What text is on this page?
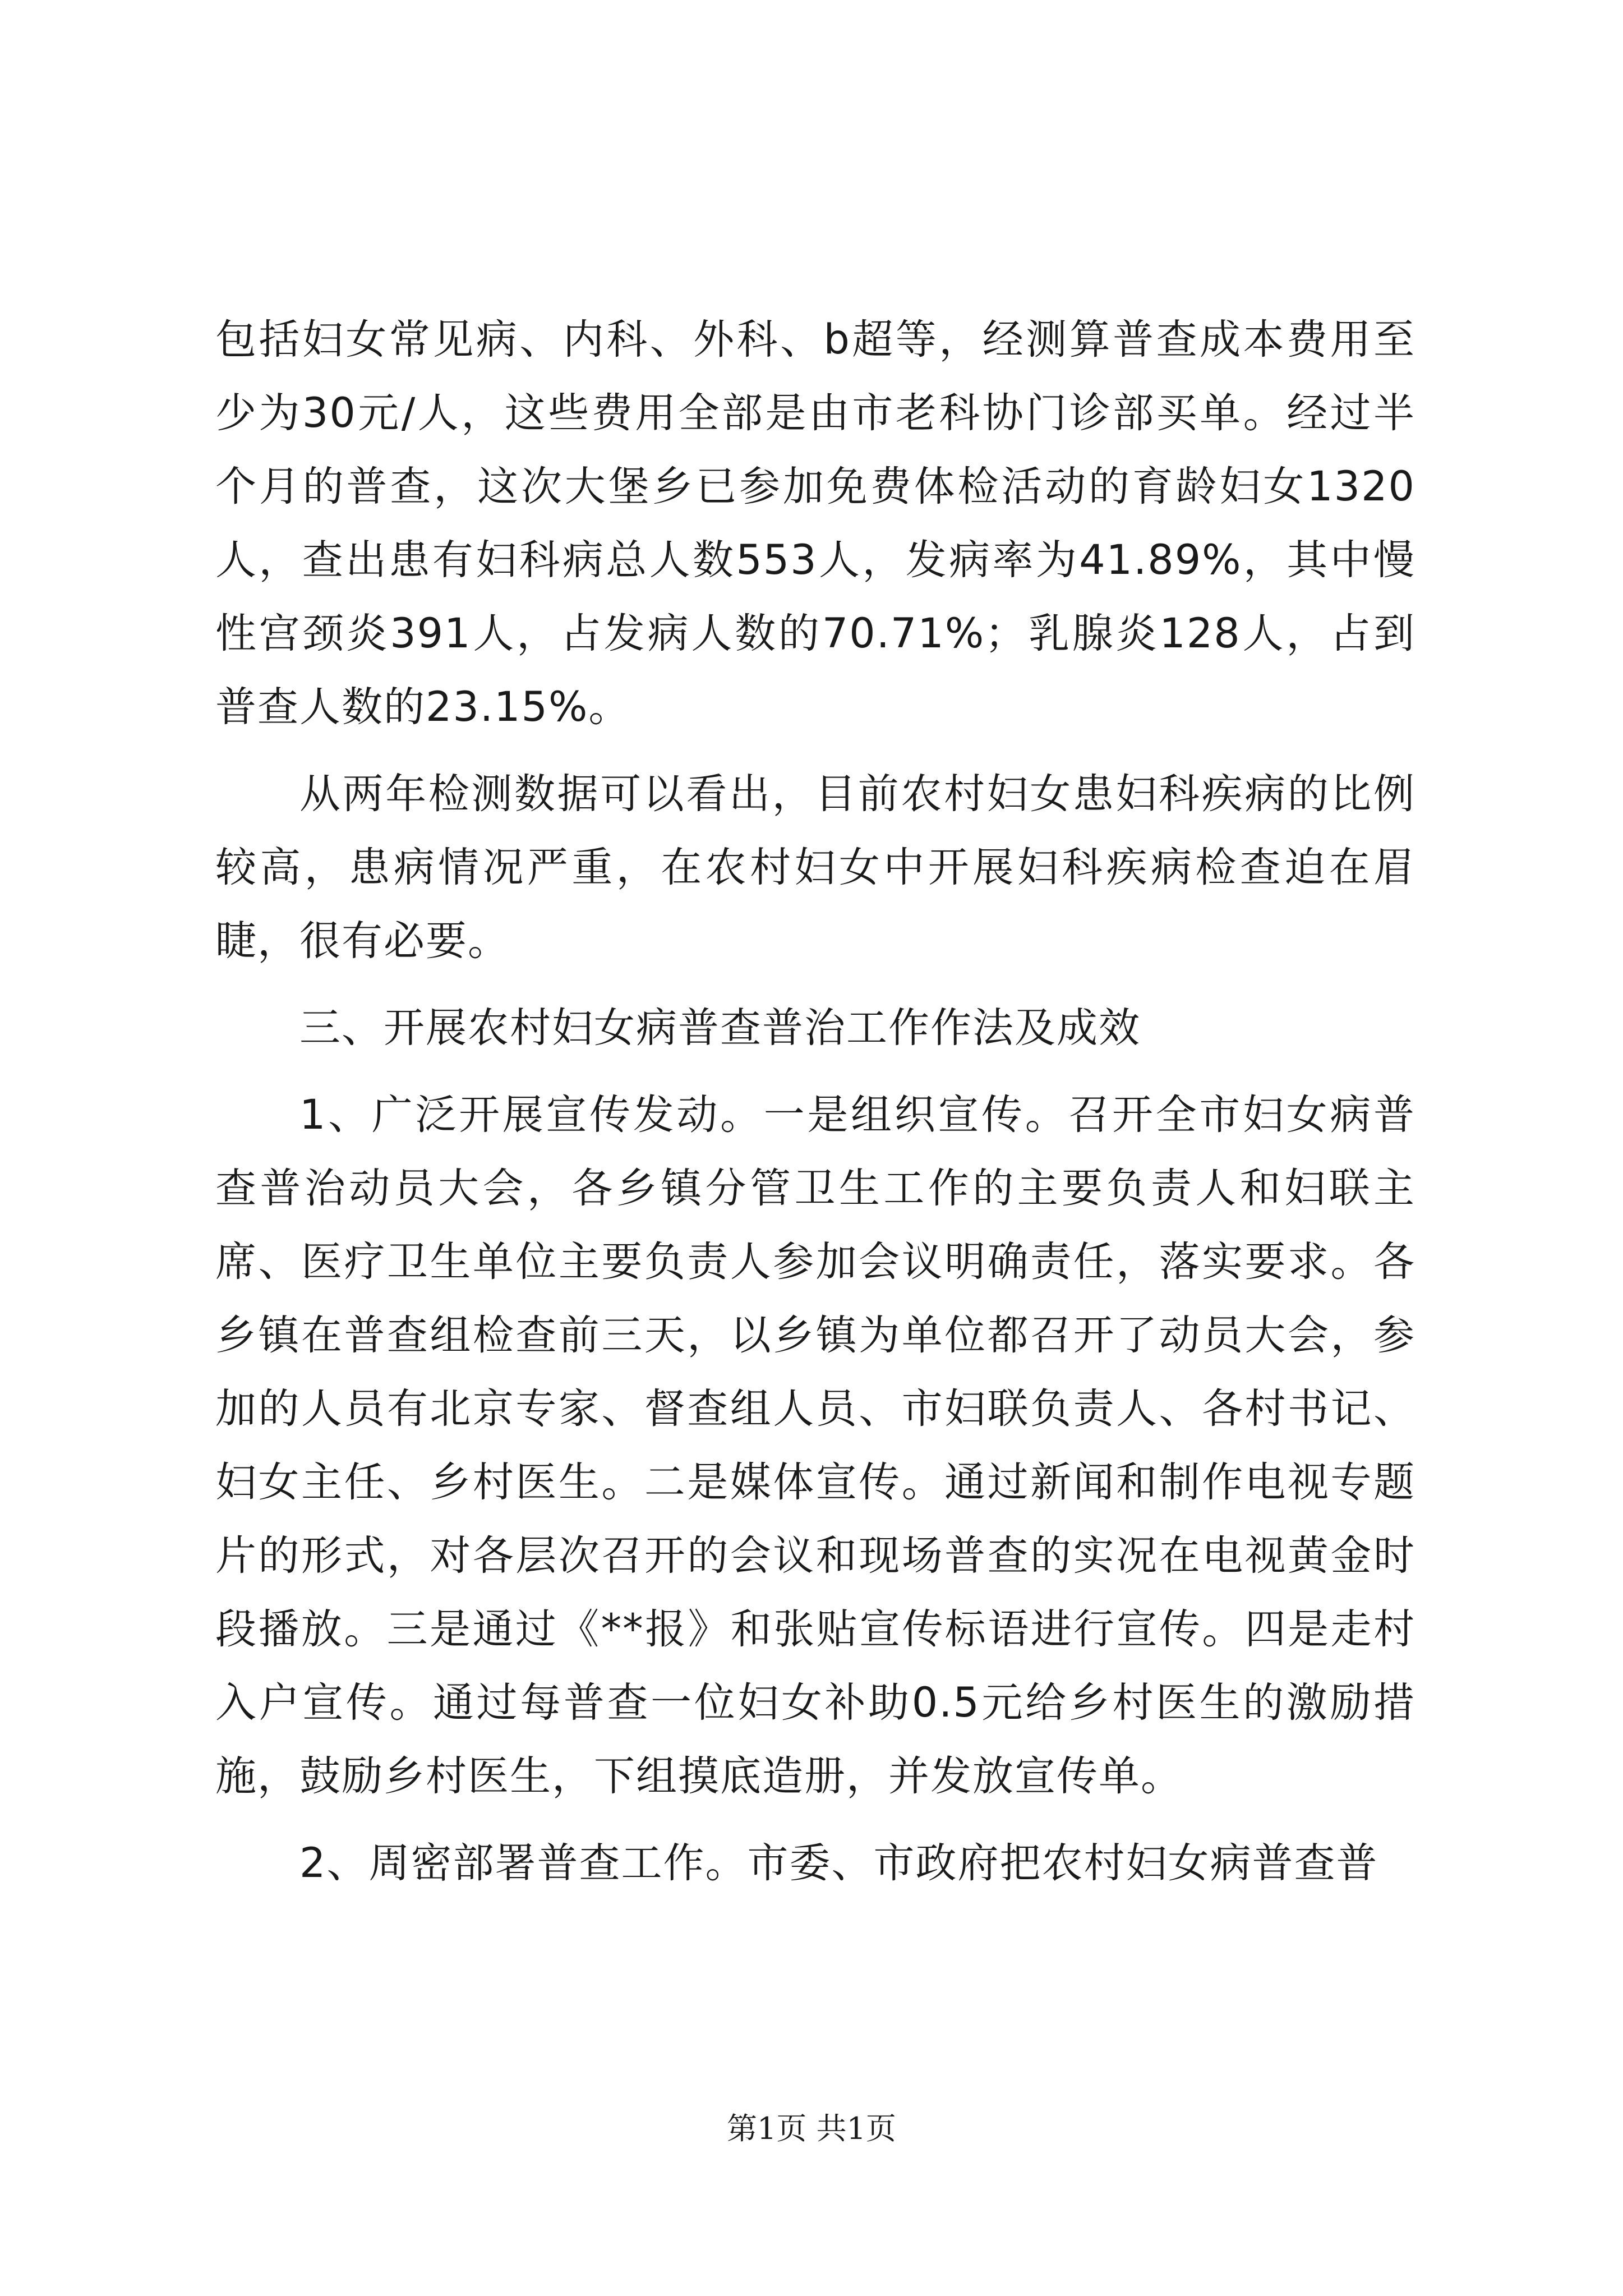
包括妇女常见病、内科、外科、b超等，经测算普查成本费用至少为30元/人，这些费用全部是由市老科协门诊部买单。经过半个月的普查，这次大堡乡已参加免费体检活动的育龄妇女1320人，查出患有妇科病总人数553人，发病率为41.89%，其中慢性宫颈炎391人，占发病人数的70.71%；乳腺炎128人，占到普查人数的23.15%。

从两年检测数据可以看出，目前农村妇女患妇科疾病的比例较高，患病情况严重，在农村妇女中开展妇科疾病检查迫在眉睫，很有必要。

三、开展农村妇女病普查普治工作作法及成效

1、广泛开展宣传发动。一是组织宣传。召开全市妇女病普查普治动员大会，各乡镇分管卫生工作的主要负责人和妇联主席、医疗卫生单位主要负责人参加会议明确责任，落实要求。各乡镇在普查组检查前三天，以乡镇为单位都召开了动员大会，参加的人员有北京专家、督查组人员、市妇联负责人、各村书记、妇女主任、乡村医生。二是媒体宣传。通过新闻和制作电视专题片的形式，对各层次召开的会议和现场普查的实况在电视黄金时段播放。三是通过《**报》和张贴宣传标语进行宣传。四是走村入户宣传。通过每普查一位妇女补助0.5元给乡村医生的激励措施，鼓励乡村医生，下组摸底造册，并发放宣传单。

2、周密部署普查工作。市委、市政府把农村妇女病普查普

第1页 共1页
